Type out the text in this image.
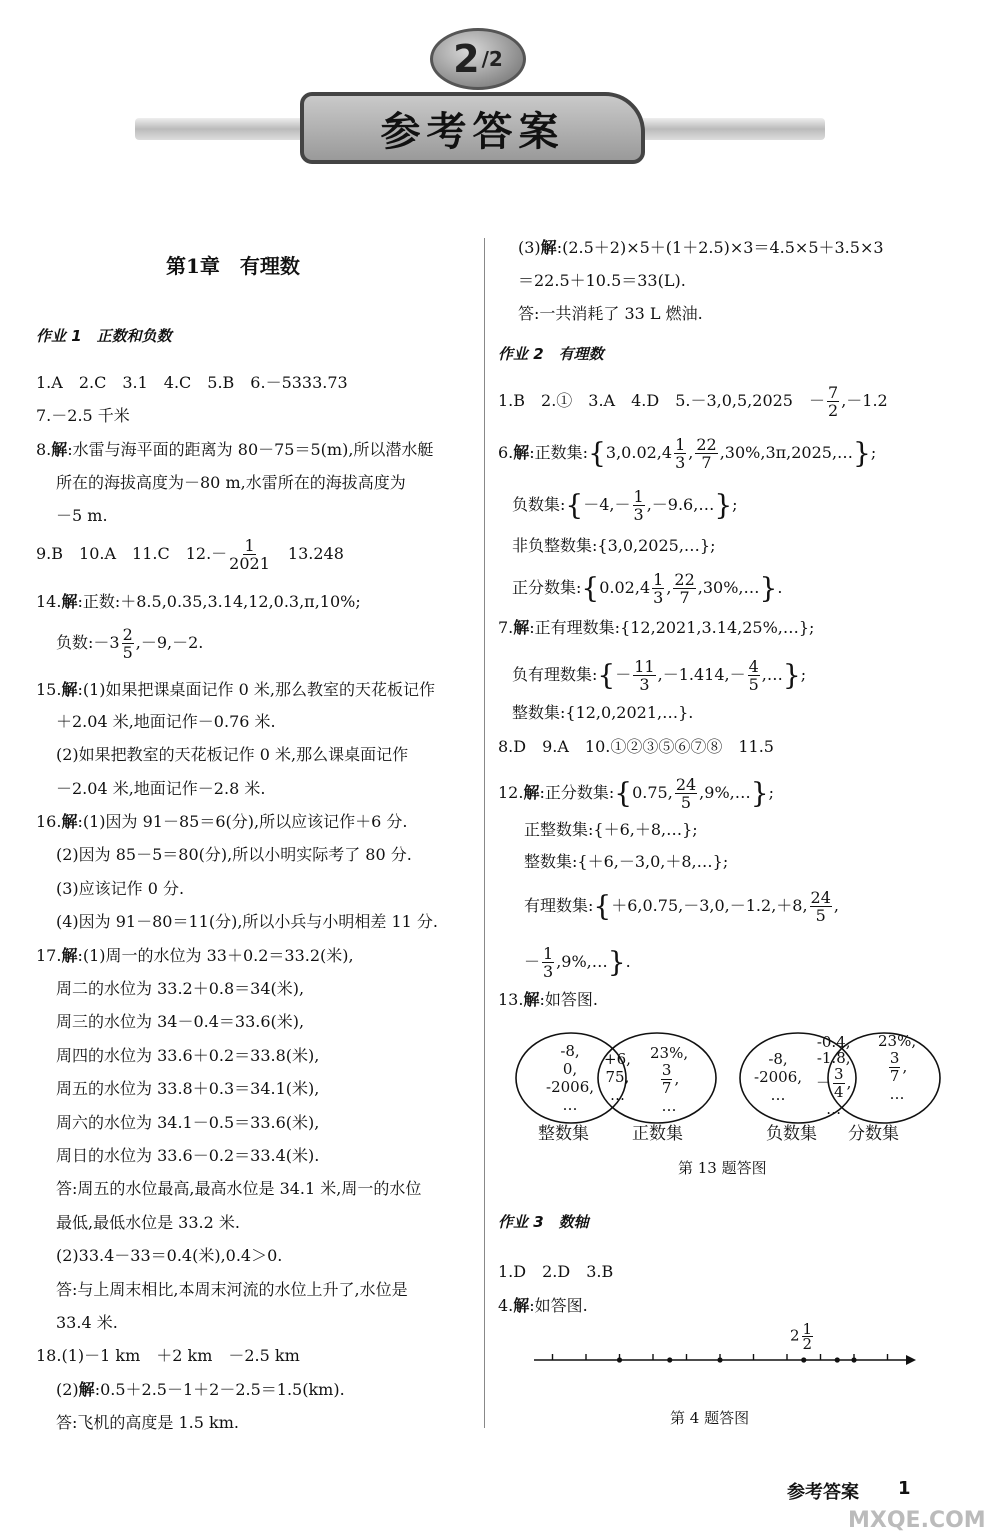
2 /2
参考答案
第1章　有理数
作业 1　正数和负数
1.A　2.C　3.1　4.C　5.B　6.－5333.73
7.－2.5 千米
8.解:水雷与海平面的距离为 80－75＝5(m),所以潜水艇
所在的海拔高度为－80 m,水雷所在的海拔高度为
－5 m.
9.B　10.A　11.C　$12.- \frac{1}{2021}$ 　13.248
14.解:正数:＋8.5,0.35,3.14,12,0.3,π,10%;
负数:－3 $\frac{2}{5} ,-9,-2$.
15.解:(1)如果把课桌面记作 0 米,那么教室的天花板记作
＋2.04 米,地面记作－0.76 米.
(2)如果把教室的天花板记作 0 米,那么课桌面记作
－2.04 米,地面记作－2.8 米.
16.解:(1)因为 91－85＝6(分),所以应该记作＋6 分.
(2)因为 85－5＝80(分),所以小明实际考了 80 分.
(3)应该记作 0 分.
(4)因为 91－80＝11(分),所以小兵与小明相差 11 分.
17.解:(1)周一的水位为 33＋0.2＝33.2(米),
周二的水位为 33.2＋0.8＝34(米),
周三的水位为 34－0.4＝33.6(米),
周四的水位为 33.6＋0.2＝33.8(米),
周五的水位为 33.8＋0.3＝34.1(米),
周六的水位为 34.1－0.5＝33.6(米),
周日的水位为 33.6－0.2＝33.4(米).
答:周五的水位最高,最高水位是 34.1 米,周一的水位
最低,最低水位是 33.2 米.
(2)33.4－33＝0.4(米),0.4＞0.
答:与上周末相比,本周末河流的水位上升了,水位是
33.4 米.
18.(1)－1 km　＋2 km　－2.5 km
(2)解:0.5＋2.5－1＋2－2.5＝1.5(km).
答:飞机的高度是 1.5 km.
(3)解:(2.5＋2)×5＋(1＋2.5)×3＝4.5×5＋3.5×3
＝22.5＋10.5＝33(L).
答:一共消耗了 33 L 燃油.
作业 2　有理数
1.B　2.①　3.A　4.D　5.－3,0,5,2025　－ $\frac{7}{2} ,-1.2$
6.解:正数集:{3,0.02,4 $\frac{1}{3}$ , $\frac{22}{7}$ ,30%,3π,2025,…};
负数集:{－4,－ $\frac{1}{3}$ ,－9.6,…};
非负整数集:{3,0,2025,…};
正分数集:{0.02,4 $\frac{1}{3}$ , $\frac{22}{7}$ ,30%,…}.
7.解:正有理数集:{12,2021,3.14,25%,…};
负有理数集:{－ $\frac{11}{3} ,-1.414,- \frac{4}{5}$ ,…};
整数集:{12,0,2021,…}.
8.D　9.A　10.①②③⑤⑥⑦⑧　11.5
12.解:正分数集:{0.75, $\frac{24}{5}$ ,9%,…};
正整数集:{＋6,＋8,…};
整数集:{＋6,－3,0,＋8,…};
有理数集:{＋6,0.75,－3,0,－1.2,＋8, $\frac{24}{5}$ ,
－ $\frac{1}{3}$ ,9%,…}.
13.解:如答图.
-8,
0,
-2006,
…
+6,
75,
…
23%,
$\frac{3}{7}$ ,
…
整数集	正数集
-8,
-2006,
…
-0.4,
-1.8,
－ $\frac{3}{4}$ ,
…
23%,
$\frac{3}{7}$ ,
…
负数集 分数集
第 13 题答图
作业 3　数轴
1.D　2.D　3.B
4.解:如答图.
$2 \frac{1}{2}$
第 4 题答图
参考答案 1
MXQE.COM
